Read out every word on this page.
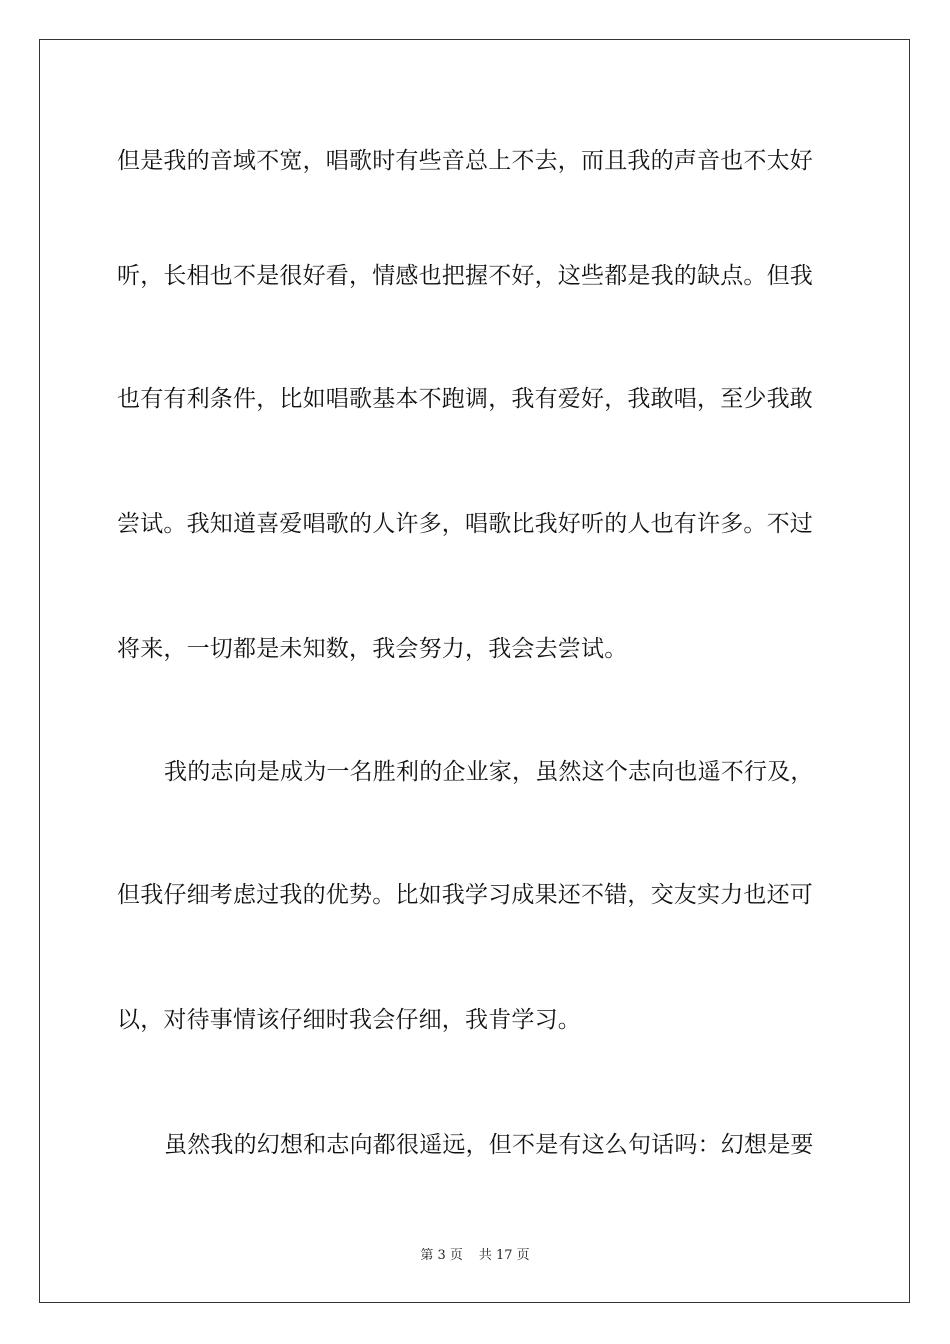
但是我的音域不宽，唱歌时有些音总上不去，而且我的声音也不太好
听，长相也不是很好看，情感也把握不好，这些都是我的缺点。但我
也有有利条件，比如唱歌基本不跑调，我有爱好，我敢唱，至少我敢
尝试。我知道喜爱唱歌的人许多，唱歌比我好听的人也有许多。不过
将来，一切都是未知数，我会努力，我会去尝试。
我的志向是成为一名胜利的企业家，虽然这个志向也遥不行及，
但我仔细考虑过我的优势。比如我学习成果还不错，交友实力也还可
以，对待事情该仔细时我会仔细，我肯学习。
虽然我的幻想和志向都很遥远，但不是有这么句话吗：幻想是要
第 3 页 共 17 页
